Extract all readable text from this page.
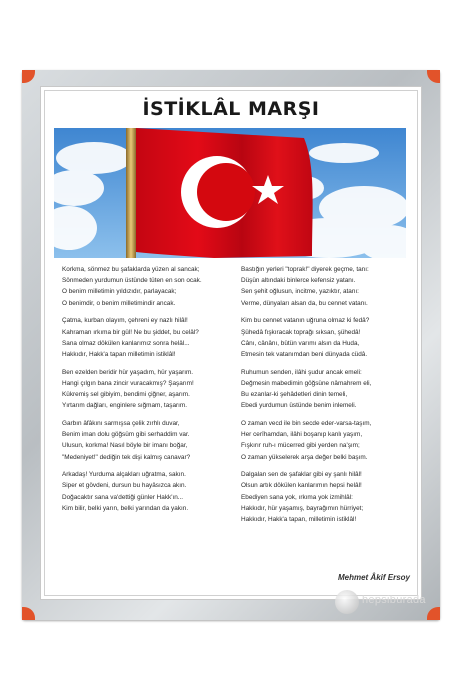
İSTİKLÂL MARŞI
Korkma, sönmez bu şafaklarda yüzen al sancak;
Sönmeden yurdumun üstünde tüten en son ocak.
O benim milletimin yıldızıdır, parlayacak;
O benimdir, o benim milletimindir ancak.
Çatma, kurban olayım, çehreni ey nazlı hilâl!
Kahraman ırkıma bir gül! Ne bu şiddet, bu celâl?
Sana olmaz dökülen kanlarımız sonra helâl...
Hakkıdır, Hakk'a tapan milletimin istiklâl!
Ben ezelden beridir hür yaşadım, hür yaşarım.
Hangi çılgın bana zincir vuracakmış? Şaşarım!
Kükremiş sel gibiyim, bendimi çiğner, aşarım.
Yırtarım dağları, enginlere sığmam, taşarım.
Garbın âfâkını sarmışsa çelik zırhlı duvar,
Benim iman dolu göğsüm gibi serhaddim var.
Ulusun, korkma! Nasıl böyle bir imanı boğar,
"Medeniyet!" dediğin tek dişi kalmış canavar?
Arkadaş! Yurduma alçakları uğratma, sakın.
Siper et gövdeni, dursun bu hayâsızca akın.
Doğacaktır sana va'dettiği günler Hakk'ın...
Kim bilir, belki yarın, belki yarından da yakın.
Bastığın yerleri "toprak!" diyerek geçme, tanı:
Düşün altındaki binlerce kefensiz yatanı.
Sen şehit oğlusun, incitme, yazıktır, atanı:
Verme, dünyaları alsan da, bu cennet vatanı.
Kim bu cennet vatanın uğruna olmaz ki fedâ?
Şühedâ fışkıracak toprağı sıksan, şühedâ!
Cânı, cânânı, bütün varımı alsın da Huda,
Etmesin tek vatanımdan beni dünyada cüdâ.
Ruhumun senden, ilâhi şudur ancak emeli:
Değmesin mabedimin göğsüne nâmahrem eli,
Bu ezanlar-ki şehâdetleri dinin temeli,
Ebedi yurdumun üstünde benim inlemeli.
O zaman vecd ile bin secde eder-varsa-taşım,
Her cerîhamdan, ilâhi boşanıp kanlı yaşım,
Fışkırır ruh-ı mücerred gibi yerden na'şım;
O zaman yükselerek arşa değer belki başım.
Dalgalan sen de şafaklar gibi ey şanlı hilâl!
Olsun artık dökülen kanlarımın hepsi helâl!
Ebediyen sana yok, ırkıma yok izmihlâl:
Hakkıdır, hür yaşamış, bayrağımın hürriyet;
Hakkıdır, Hakk'a tapan, milletimin istiklâl!
Mehmet Âkif Ersoy
hepsiburada
